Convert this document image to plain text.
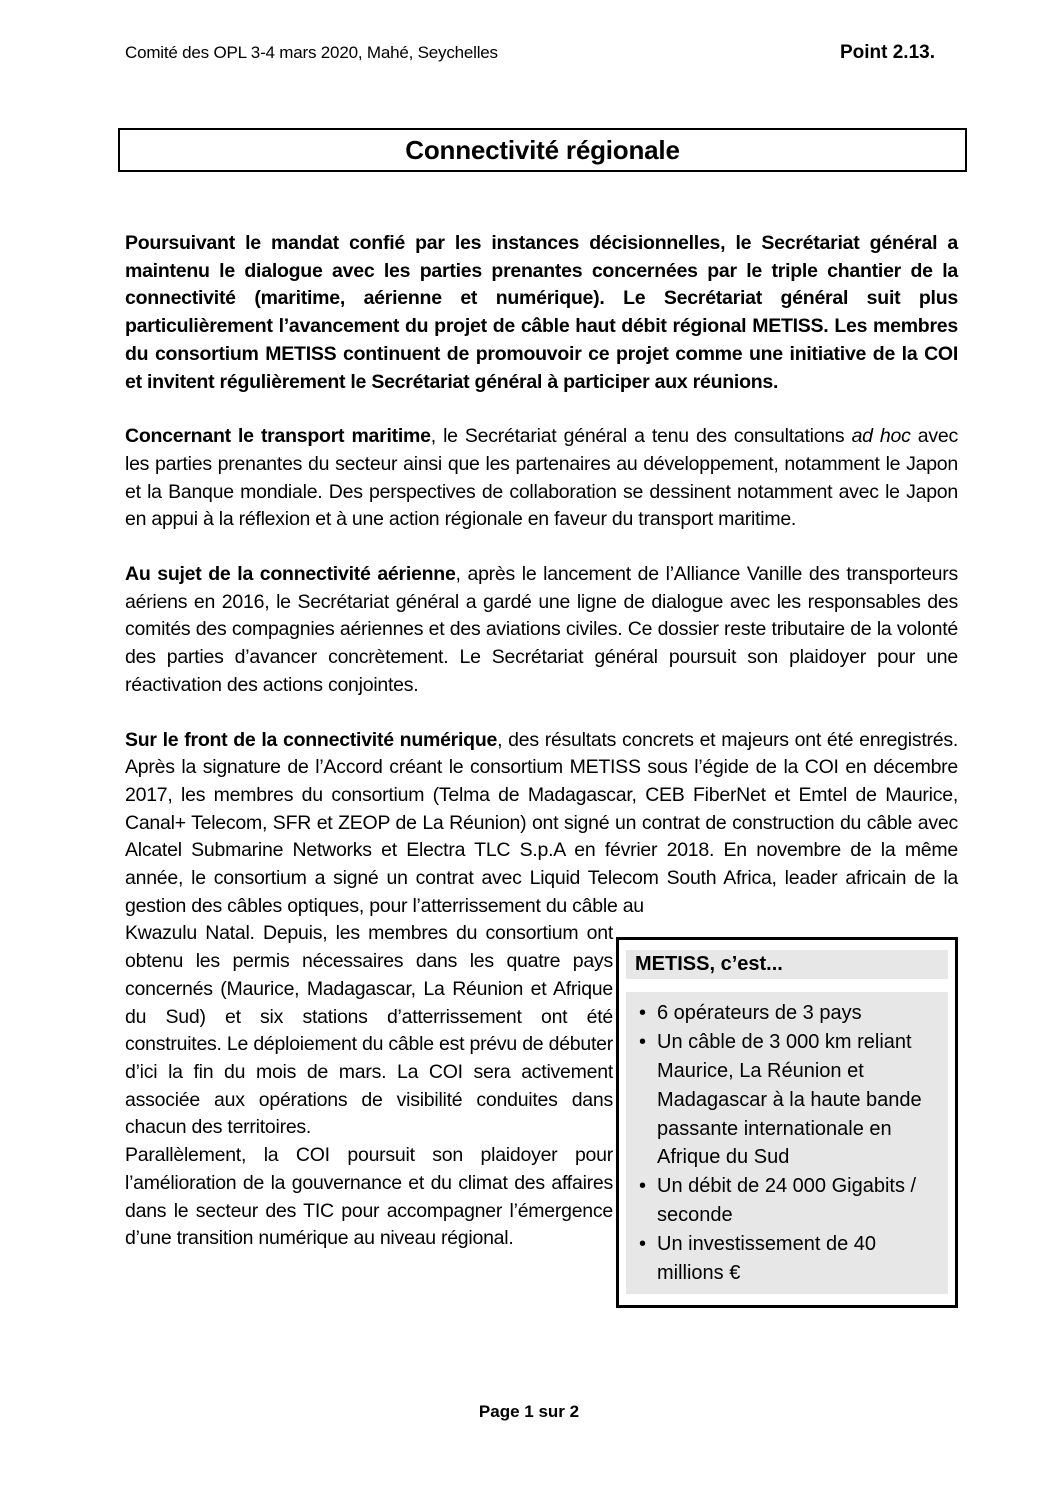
Comité des OPL 3-4 mars 2020, Mahé, Seychelles	Point 2.13.
Connectivité régionale

Poursuivant le mandat confié par les instances décisionnelles, le Secrétariat général a maintenu le dialogue avec les parties prenantes concernées par le triple chantier de la connectivité (maritime, aérienne et numérique). Le Secrétariat général suit plus particulièrement l’avancement du projet de câble haut débit régional METISS. Les membres du consortium METISS continuent de promouvoir ce projet comme une initiative de la COI et invitent régulièrement le Secrétariat général à participer aux réunions.

Concernant le transport maritime, le Secrétariat général a tenu des consultations ad hoc avec les parties prenantes du secteur ainsi que les partenaires au développement, notamment le Japon et la Banque mondiale. Des perspectives de collaboration se dessinent notamment avec le Japon en appui à la réflexion et à une action régionale en faveur du transport maritime.

Au sujet de la connectivité aérienne, après le lancement de l’Alliance Vanille des transporteurs aériens en 2016, le Secrétariat général a gardé une ligne de dialogue avec les responsables des comités des compagnies aériennes et des aviations civiles. Ce dossier reste tributaire de la volonté des parties d’avancer concrètement. Le Secrétariat général poursuit son plaidoyer pour une réactivation des actions conjointes.

Sur le front de la connectivité numérique, des résultats concrets et majeurs ont été enregistrés. Après la signature de l’Accord créant le consortium METISS sous l’égide de la COI en décembre 2017, les membres du consortium (Telma de Madagascar, CEB FiberNet et Emtel de Maurice, Canal+ Telecom, SFR et ZEOP de La Réunion) ont signé un contrat de construction du câble avec Alcatel Submarine Networks et Electra TLC S.p.A en février 2018. En novembre de la même année, le consortium a signé un contrat avec Liquid Telecom South Africa, leader africain de la gestion des câbles optiques, pour l’atterrissement du câble au

Kwazulu Natal. Depuis, les membres du consortium ont obtenu les permis nécessaires dans les quatre pays concernés (Maurice, Madagascar, La Réunion et Afrique du Sud) et six stations d’atterrissement ont été construites. Le déploiement du câble est prévu de débuter d’ici la fin du mois de mars. La COI sera activement associée aux opérations de visibilité conduites dans chacun des territoires.

Parallèlement, la COI poursuit son plaidoyer pour l’amélioration de la gouvernance et du climat des affaires dans le secteur des TIC pour accompagner l’émergence d’une transition numérique au niveau régional.

METISS, c’est...
• 6 opérateurs de 3 pays
• Un câble de 3 000 km reliant Maurice, La Réunion et Madagascar à la haute bande passante internationale en Afrique du Sud
• Un débit de 24 000 Gigabits / seconde
• Un investissement de 40 millions €
Page 1 sur 2
